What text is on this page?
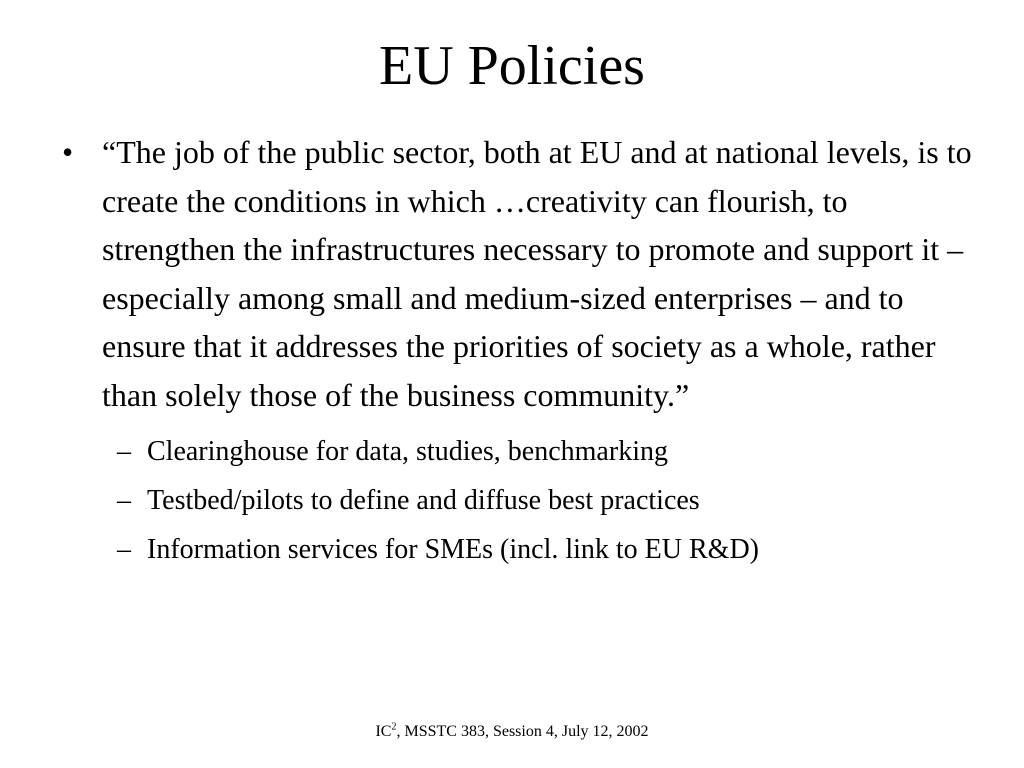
EU Policies
• “The job of the public sector, both at EU and at national levels, is to create the conditions in which …creativity can flourish, to strengthen the infrastructures necessary to promote and support it – especially among small and medium-sized enterprises – and to ensure that it addresses the priorities of society as a whole, rather than solely those of the business community.”
– Clearinghouse for data, studies, benchmarking
– Testbed/pilots to define and diffuse best practices
– Information services for SMEs (incl. link to EU R&D)
$IC^2$, MSSTC 383, Session 4, July 12, 2002
